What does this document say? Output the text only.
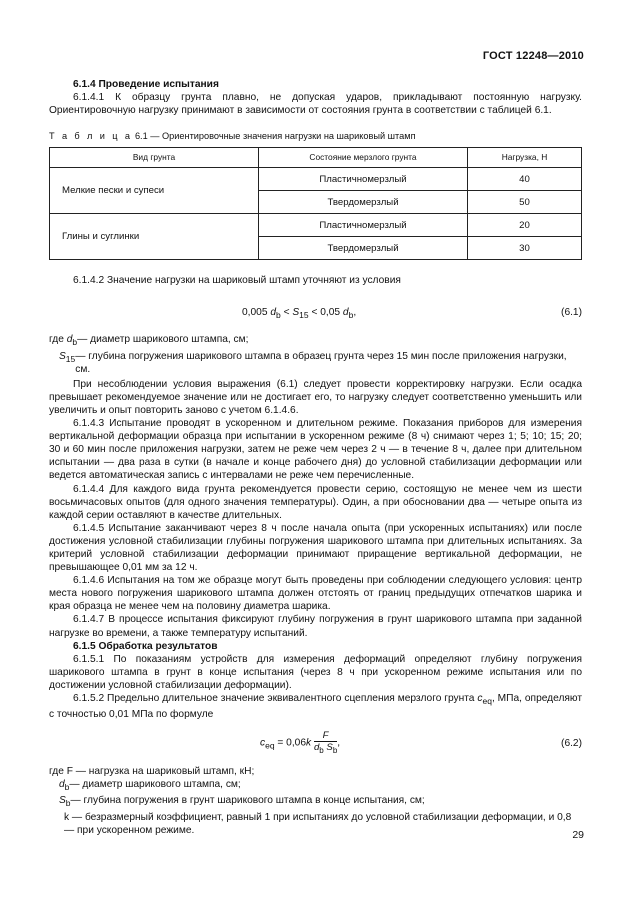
ГОСТ 12248—2010

6.1.4 Проведение испытания

6.1.4.1 К образцу грунта плавно, не допуская ударов, прикладывают постоянную нагрузку. Ориентировочную нагрузку принимают в зависимости от состояния грунта в соответствии с таблицей 6.1.

Т а б л и ц а 6.1 — Ориентировочные значения нагрузки на шариковый штамп

Вид грунта	Состояние мерзлого грунта	Нагрузка, Н
Мелкие пески и супеси	Пластичномерзлый	40
	Твердомерзлый	50
Глины и суглинки	Пластичномерзлый	20
	Твердомерзлый	30

6.1.4.2 Значение нагрузки на шариковый штамп уточняют из условия

0,005 $d_b < S_{15} < 0,05$ $d_b$,	(6.1)
где $d_b$ — диаметр шарикового штампа, см;
$S_{15}$ — глубина погружения шарикового штампа в образец грунта через 15 мин после приложения нагрузки, см.

При несоблюдении условия выражения (6.1) следует провести корректировку нагрузки. Если осадка превышает рекомендуемое значение или не достигает его, то нагрузку следует соответственно уменьшить или увеличить и опыт повторить заново с учетом 6.1.4.6.

6.1.4.3 Испытание проводят в ускоренном и длительном режиме. Показания приборов для измерения вертикальной деформации образца при испытании в ускоренном режиме (8 ч) снимают через 1; 5; 10; 15; 20; 30 и 60 мин после приложения нагрузки, затем не реже чем через 2 ч — в течение 8 ч, далее при длительном испытании — два раза в сутки (в начале и конце рабочего дня) до условной стабилизации деформации или ведется автоматическая запись с интервалами не реже чем перечисленные.

6.1.4.4 Для каждого вида грунта рекомендуется провести серию, состоящую не менее чем из шести восьмичасовых опытов (для одного значения температуры). Один, а при обосновании два — четыре опыта из каждой серии оставляют в качестве длительных.

6.1.4.5 Испытание заканчивают через 8 ч после начала опыта (при ускоренных испытаниях) или после достижения условной стабилизации глубины погружения шарикового штампа при длительных испытаниях. За критерий условной стабилизации деформации принимают приращение вертикальной деформации, не превышающее 0,01 мм за 12 ч.

6.1.4.6 Испытания на том же образце могут быть проведены при соблюдении следующего условия: центр места нового погружения шарикового штампа должен отстоять от границ предыдущих отпечатков шарика и края образца не менее чем на половину диаметра шарика.

6.1.4.7 В процессе испытания фиксируют глубину погружения в грунт шарикового штампа при заданной нагрузке во времени, а также температуру испытаний.

6.1.5 Обработка результатов

6.1.5.1 По показаниям устройств для измерения деформаций определяют глубину погружения шарикового штампа в грунт в конце испытания (через 8 ч при ускоренном режиме испытания или по достижении условной стабилизации деформации).

6.1.5.2 Предельно длительное значение эквивалентного сцепления мерзлого грунта $c_{eq}$, МПа, определяют с точностью 0,01 МПа по формуле

$c_{eq} = 0,06k \frac{F}{d_b S_b}$ ,	(6.2)
где F — нагрузка на шариковый штамп, кН;
$d_b$ — диаметр шарикового штампа, см;
$S_b$ — глубина погружения в грунт шарикового штампа в конце испытания, см;
k — безразмерный коэффициент, равный 1 при испытаниях до условной стабилизации деформации, и 0,8 — при ускоренном режиме.	29
